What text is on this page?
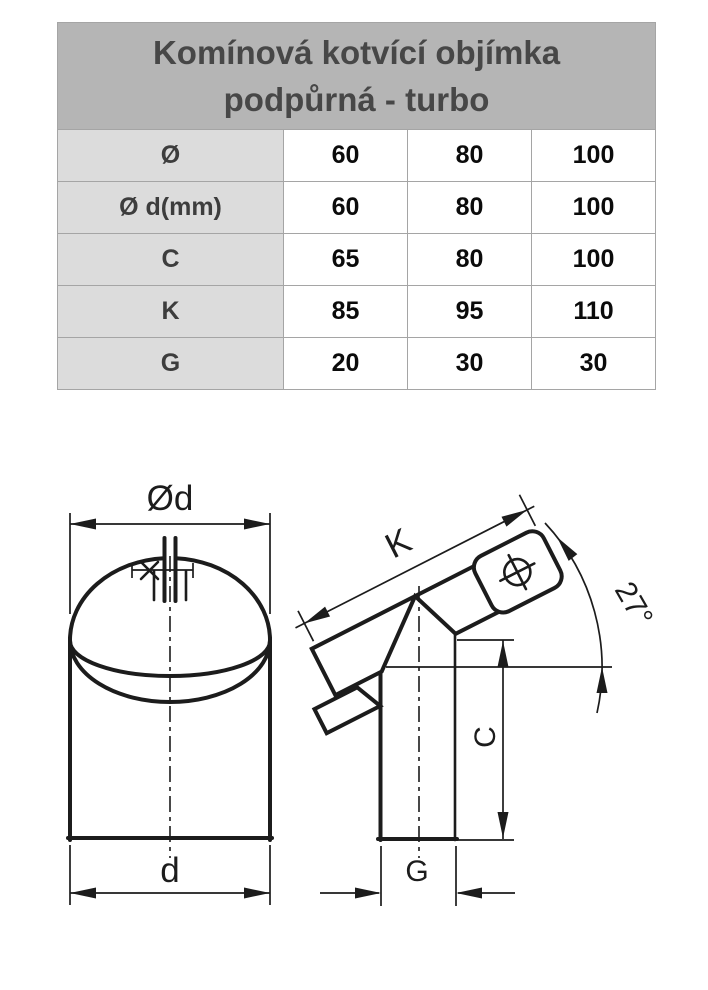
Komínová kotvící objímka
podpůrná - turbo			

Ø	60	80	100
Ø d(mm)	60	80	100
C	65	80	100
K	85	95	110
G	20	30	30
Ød
d
K
27°
C
G
